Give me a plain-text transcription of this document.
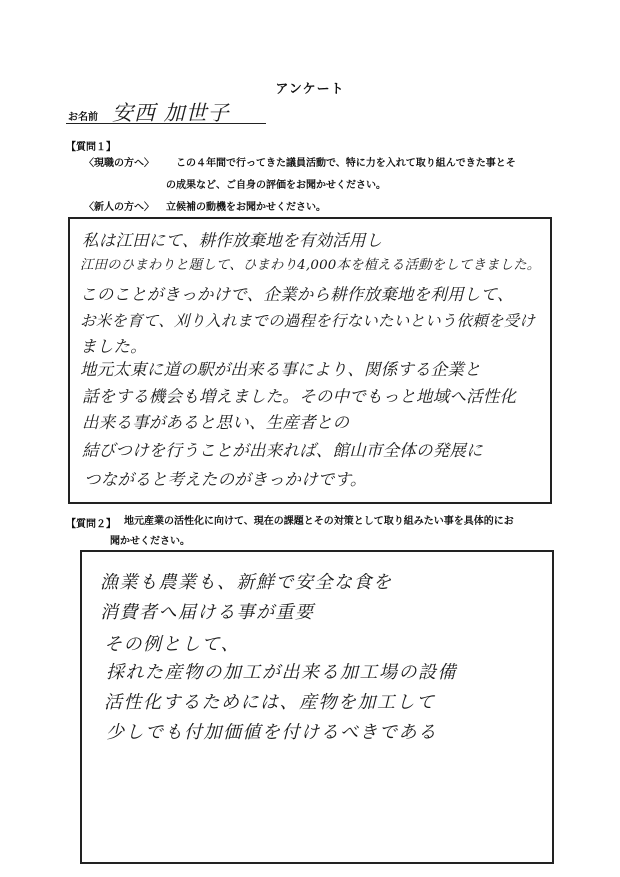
アンケート
お名前 安西 加世子
【質問１】
〈現職の方へ〉 この４年間で行ってきた議員活動で、特に力を入れて取り組んできた事とそ
の成果など、ご自身の評価をお聞かせください。
〈新人の方へ〉 立候補の動機をお聞かせください。
私は江田にて、耕作放棄地を有効活用し
江田のひまわりと題して、ひまわり4,000本を植える活動をしてきました。
このことがきっかけで、企業から耕作放棄地を利用して、
お米を育て、刈り入れまでの過程を行ないたいという依頼を受け
ました。
地元太東に道の駅が出来る事により、関係する企業と
話をする機会も増えました。その中でもっと地域へ活性化
出来る事があると思い、生産者との
結びつけを行うことが出来れば、館山市全体の発展に
つながると考えたのがきっかけです。
【質問２】 地元産業の活性化に向けて、現在の課題とその対策として取り組みたい事を具体的にお
聞かせください。
漁業も農業も、新鮮で安全な食を
消費者へ届ける事が重要
その例として、
採れた産物の加工が出来る加工場の設備
活性化するためには、産物を加工して
少しでも付加価値を付けるべきである
